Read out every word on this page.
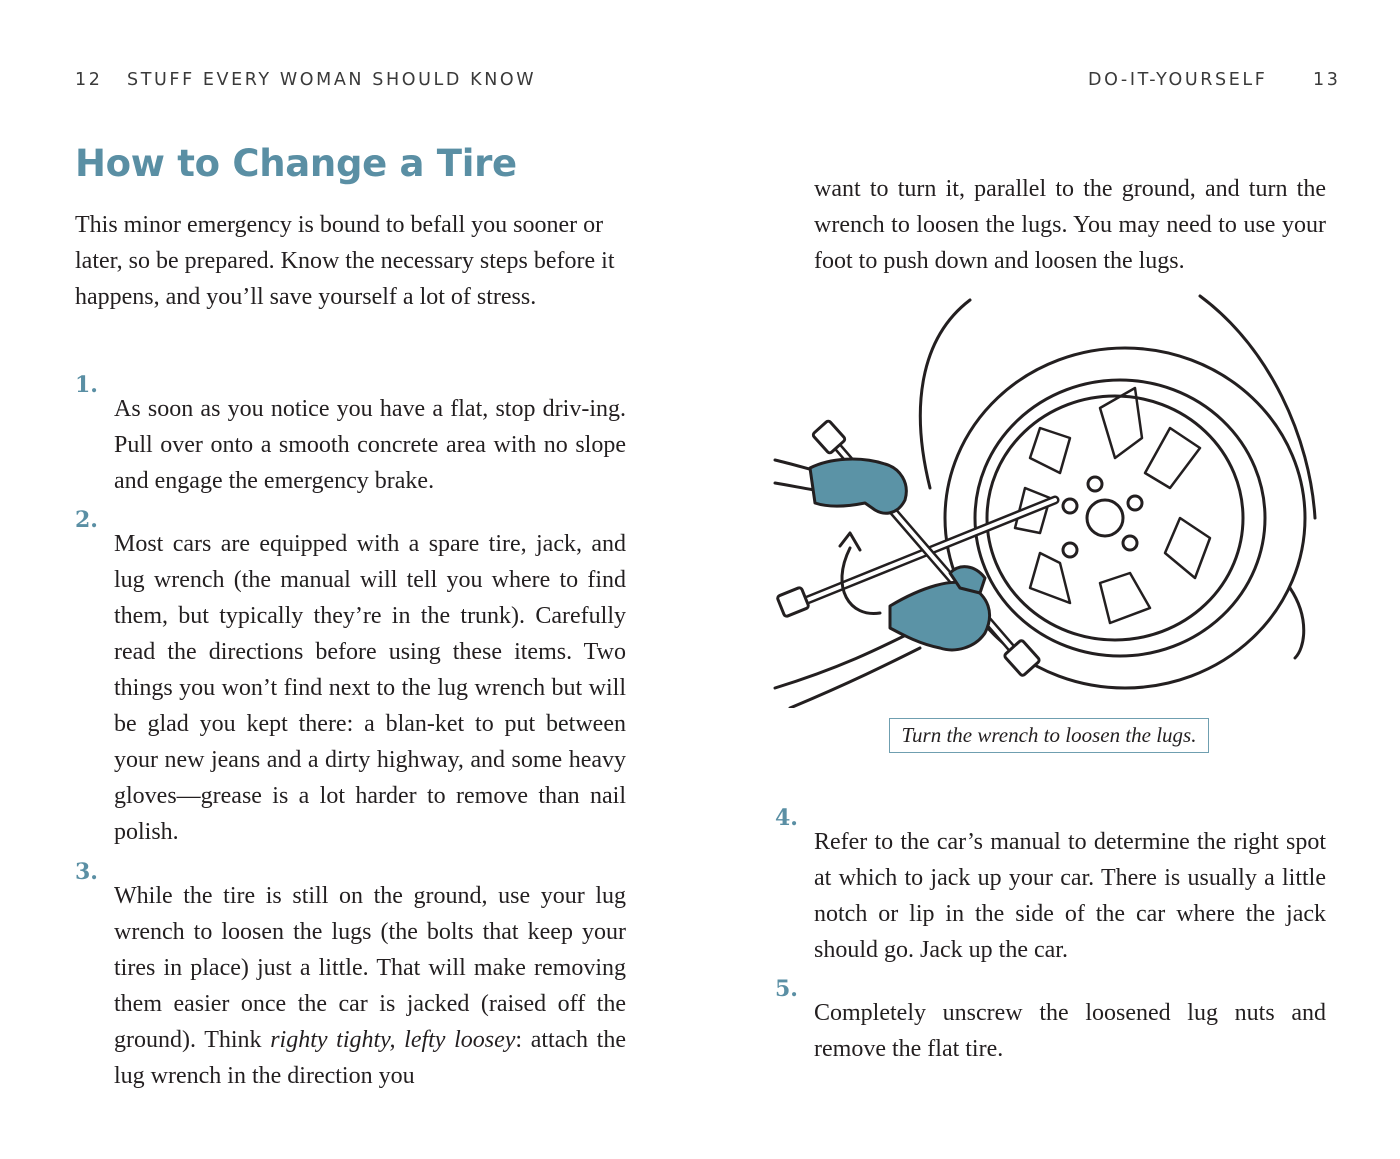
12 STUFF EVERY WOMAN SHOULD KNOW	DO-IT-YOURSELF	13
How to Change a Tire

This minor emergency is bound to befall you sooner or later, so be prepared. Know the necessary steps before it happens, and you’ll save yourself a lot of stress.

1.

As soon as you notice you have a flat, stop driv-ing. Pull over onto a smooth concrete area with no slope and engage the emergency brake.

2.

Most cars are equipped with a spare tire, jack, and lug wrench (the manual will tell you where to find them, but typically they’re in the trunk). Carefully read the directions before using these items. Two things you won’t find next to the lug wrench but will be glad you kept there: a blan-ket to put between your new jeans and a dirty highway, and some heavy gloves—grease is a lot harder to remove than nail polish.

3.

While the tire is still on the ground, use your lug wrench to loosen the lugs (the bolts that keep your tires in place) just a little. That will make removing them easier once the car is jacked (raised off the ground). Think righty tighty, lefty loosey: attach the lug wrench in the direction you

want to turn it, parallel to the ground, and turn the wrench to loosen the lugs. You may need to use your foot to push down and loosen the lugs.

Turn the wrench to loosen the lugs.
4.

Refer to the car’s manual to determine the right spot at which to jack up your car. There is usually a little notch or lip in the side of the car where the jack should go. Jack up the car.

5.

Completely unscrew the loosened lug nuts and remove the flat tire.
